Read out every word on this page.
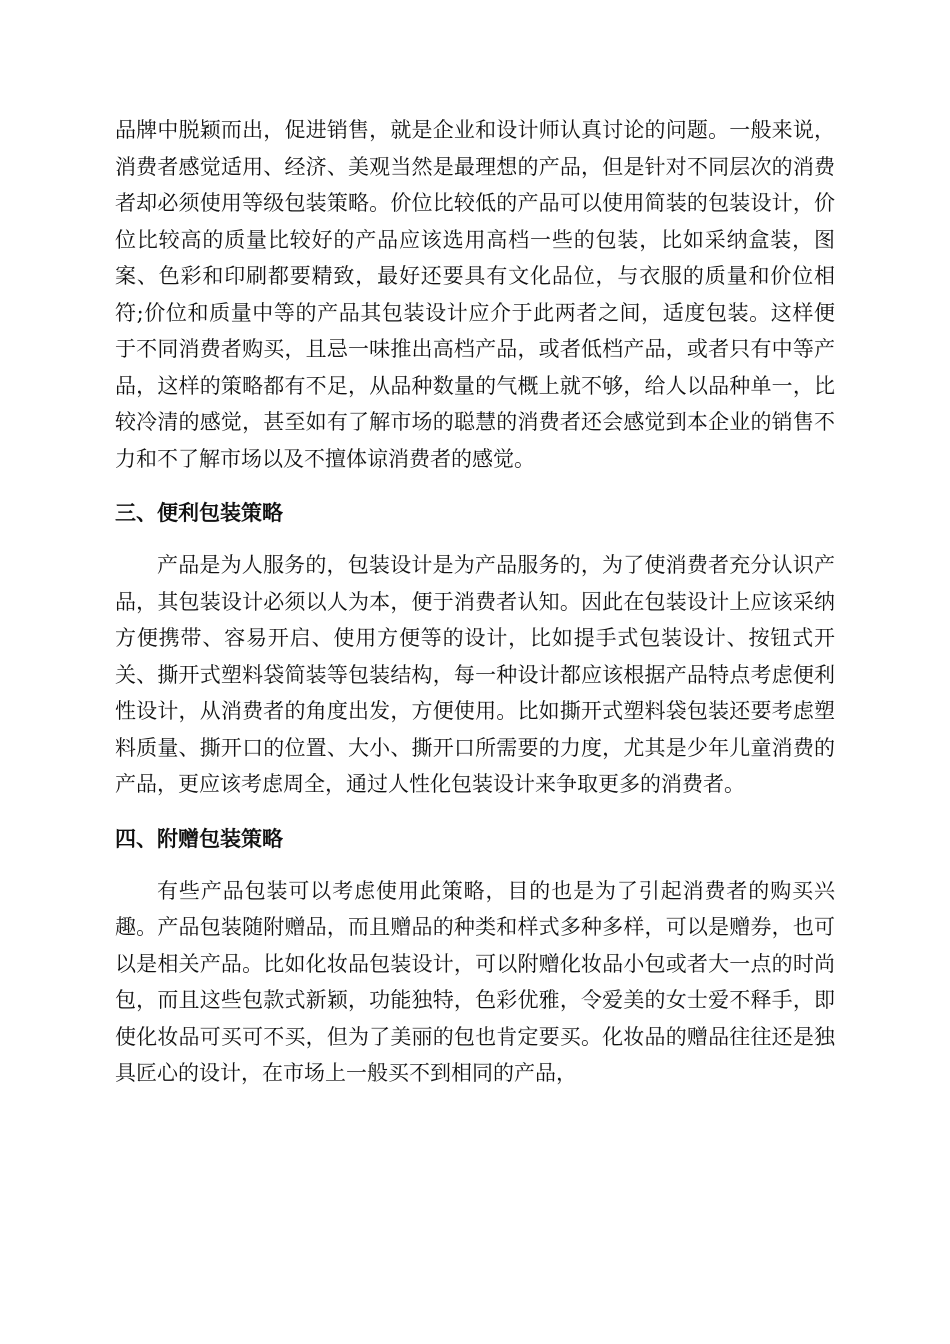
品牌中脱颖而出，促进销售，就是企业和设计师认真讨论的问题。一般来说，消费者感觉适用、经济、美观当然是最理想的产品，但是针对不同层次的消费者却必须使用等级包装策略。价位比较低的产品可以使用简装的包装设计，价位比较高的质量比较好的产品应该选用高档一些的包装，比如采纳盒装，图案、色彩和印刷都要精致，最好还要具有文化品位，与衣服的质量和价位相符;价位和质量中等的产品其包装设计应介于此两者之间，适度包装。这样便于不同消费者购买，且忌一味推出高档产品，或者低档产品，或者只有中等产品，这样的策略都有不足，从品种数量的气概上就不够，给人以品种单一，比较冷清的感觉，甚至如有了解市场的聪慧的消费者还会感觉到本企业的销售不力和不了解市场以及不擅体谅消费者的感觉。

三、便利包装策略

产品是为人服务的，包装设计是为产品服务的，为了使消费者充分认识产品，其包装设计必须以人为本，便于消费者认知。因此在包装设计上应该采纳方便携带、容易开启、使用方便等的设计，比如提手式包装设计、按钮式开关、撕开式塑料袋简装等包装结构，每一种设计都应该根据产品特点考虑便利性设计，从消费者的角度出发，方便使用。比如撕开式塑料袋包装还要考虑塑料质量、撕开口的位置、大小、撕开口所需要的力度，尤其是少年儿童消费的产品，更应该考虑周全，通过人性化包装设计来争取更多的消费者。

四、附赠包装策略

有些产品包装可以考虑使用此策略，目的也是为了引起消费者的购买兴趣。产品包装随附赠品，而且赠品的种类和样式多种多样，可以是赠券，也可以是相关产品。比如化妆品包装设计，可以附赠化妆品小包或者大一点的时尚包，而且这些包款式新颖，功能独特，色彩优雅，令爱美的女士爱不释手，即使化妆品可买可不买，但为了美丽的包也肯定要买。化妆品的赠品往往还是独具匠心的设计，在市场上一般买不到相同的产品，
